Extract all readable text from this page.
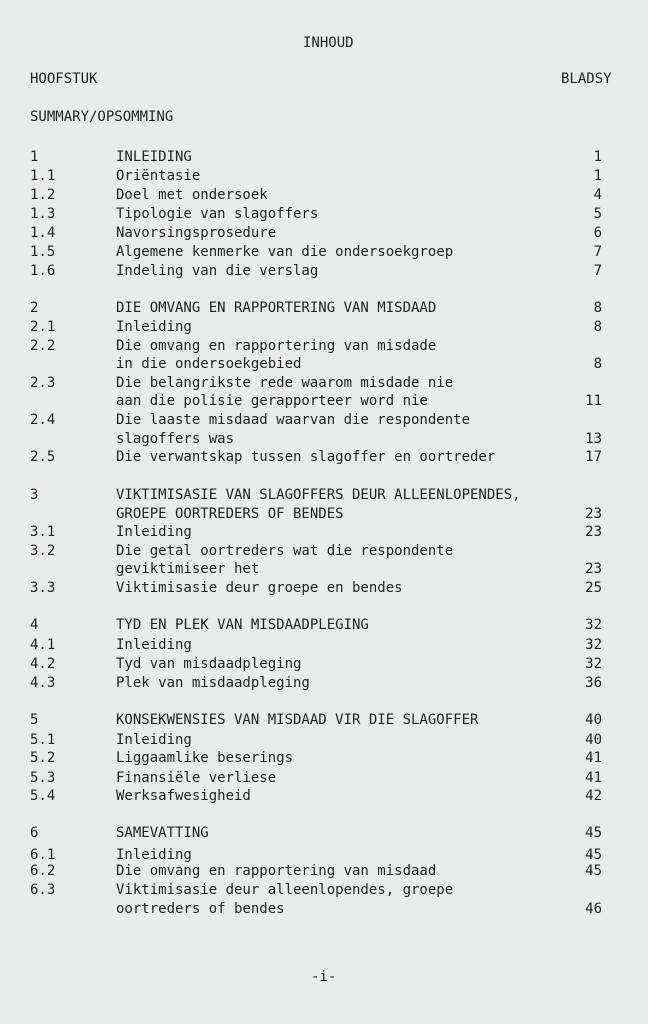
INHOUD
HOOFSTUK	BLADSY
SUMMARY/OPSOMMING
1	INLEIDING	1
1.1	Oriëntasie	1
1.2	Doel met ondersoek	4
1.3	Tipologie van slagoffers	5
1.4	Navorsingsprosedure	6
1.5	Algemene kenmerke van die ondersoekgroep	7
1.6	Indeling van die verslag	7
2	DIE OMVANG EN RAPPORTERING VAN MISDAAD	8
2.1	Inleiding	8
2.2	Die omvang en rapportering van misdade
in die ondersoekgebied	8
2.3	Die belangrikste rede waarom misdade nie
aan die polisie gerapporteer word nie	11
2.4	Die laaste misdaad waarvan die respondente
slagoffers was	13
2.5	Die verwantskap tussen slagoffer en oortreder	17
3	VIKTIMISASIE VAN SLAGOFFERS DEUR ALLEENLOPENDES,
GROEPE OORTREDERS OF BENDES	23
3.1	Inleiding	23
3.2	Die getal oortreders wat die respondente
geviktimiseer het	23
3.3	Viktimisasie deur groepe en bendes	25
4	TYD EN PLEK VAN MISDAADPLEGING	32
4.1	Inleiding	32
4.2	Tyd van misdaadpleging	32
4.3	Plek van misdaadpleging	36
5	KONSEKWENSIES VAN MISDAAD VIR DIE SLAGOFFER	40
5.1	Inleiding	40
5.2	Liggaamlike beserings	41
5.3	Finansiële verliese	41
5.4	Werksafwesigheid	42
6	SAMEVATTING	45
6.1	Inleiding	45
6.2	Die omvang en rapportering van misdaad	45
6.3	Viktimisasie deur alleenlopendes, groepe
oortreders of bendes	46
-i-
